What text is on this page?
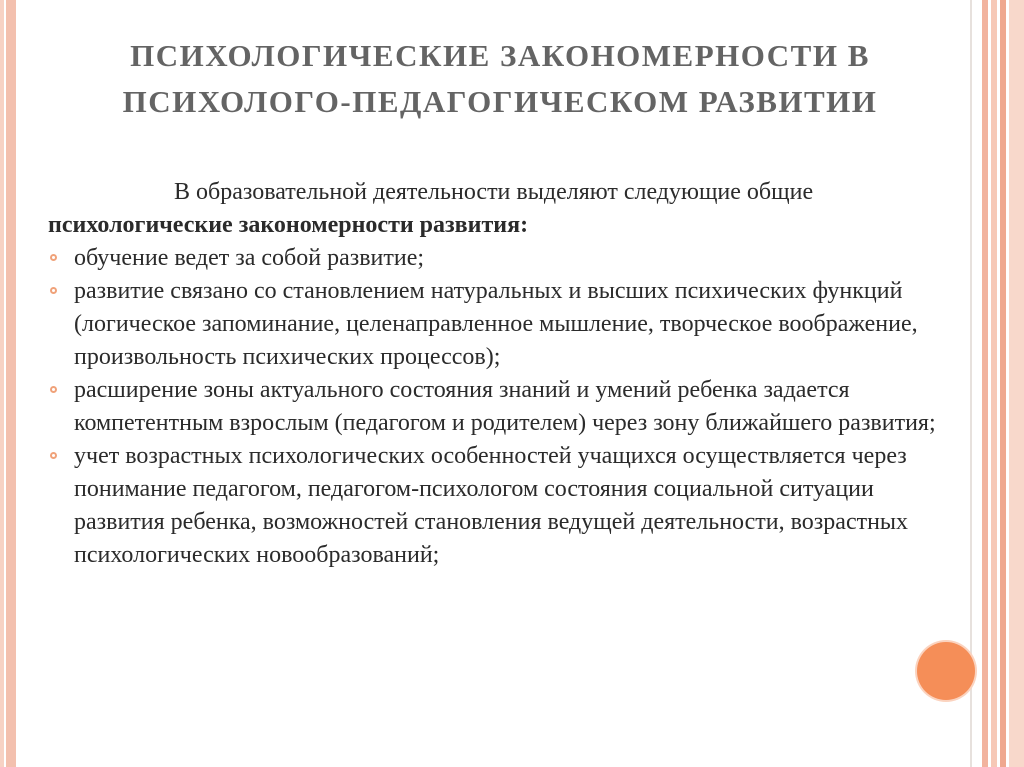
ПСИХОЛОГИЧЕСКИЕ ЗАКОНОМЕРНОСТИ В
ПСИХОЛОГО-ПЕДАГОГИЧЕСКОМ РАЗВИТИИ
В образовательной деятельности выделяют следующие общие психологические закономерности развития:
обучение ведет за собой развитие;
развитие связано со становлением натуральных и высших психических функций (логическое запоминание, целенаправленное мышление, творческое воображение, произвольность психических процессов);
расширение зоны актуального состояния знаний и умений ребенка задается компетентным взрослым (педагогом и родителем) через зону ближайшего развития;
учет возрастных психологических особенностей учащихся осуществляется через понимание педагогом, педагогом-психологом состояния социальной ситуации развития ребенка, возможностей становления ведущей деятельности, возрастных психологических новообразований;
